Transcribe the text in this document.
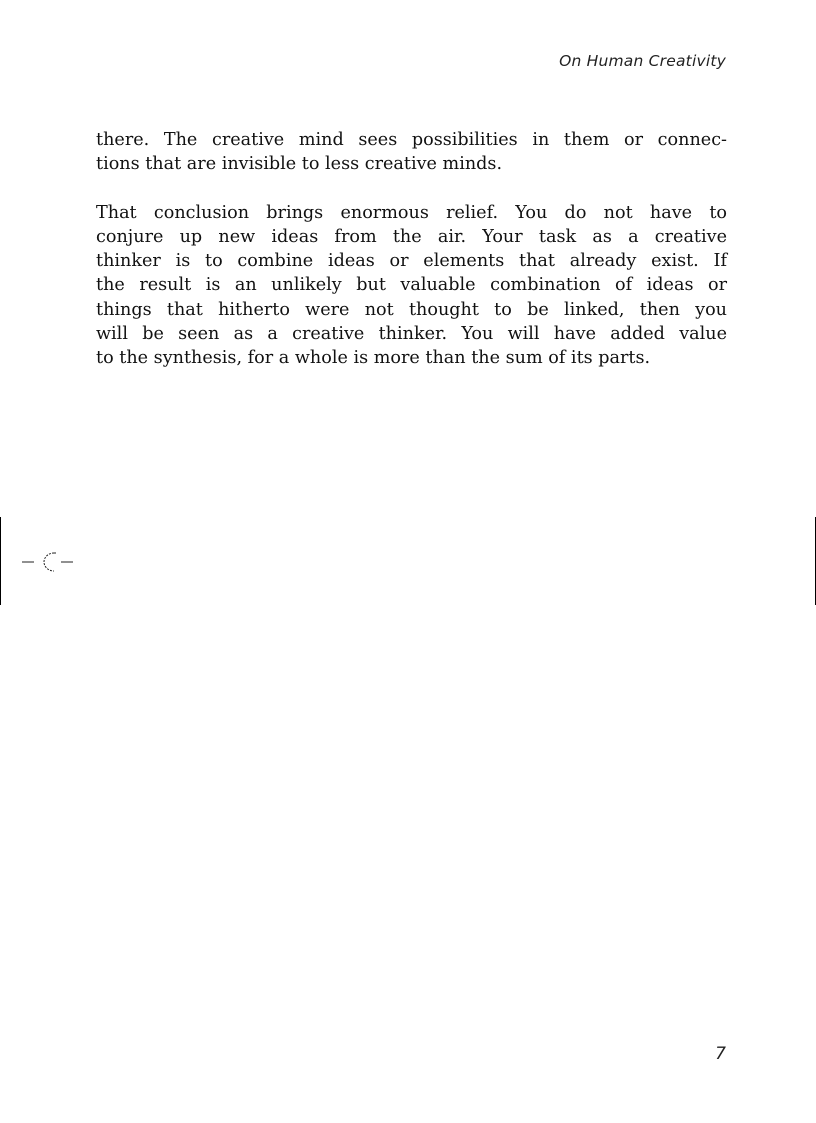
On Human Creativity

there. The creative mind sees possibilities in them or connec-
tions that are invisible to less creative minds.

That conclusion brings enormous relief. You do not have to
conjure up new ideas from the air. Your task as a creative
thinker is to combine ideas or elements that already exist. If
the result is an unlikely but valuable combination of ideas or
things that hitherto were not thought to be linked, then you
will be seen as a creative thinker. You will have added value
to the synthesis, for a whole is more than the sum of its parts.

7
